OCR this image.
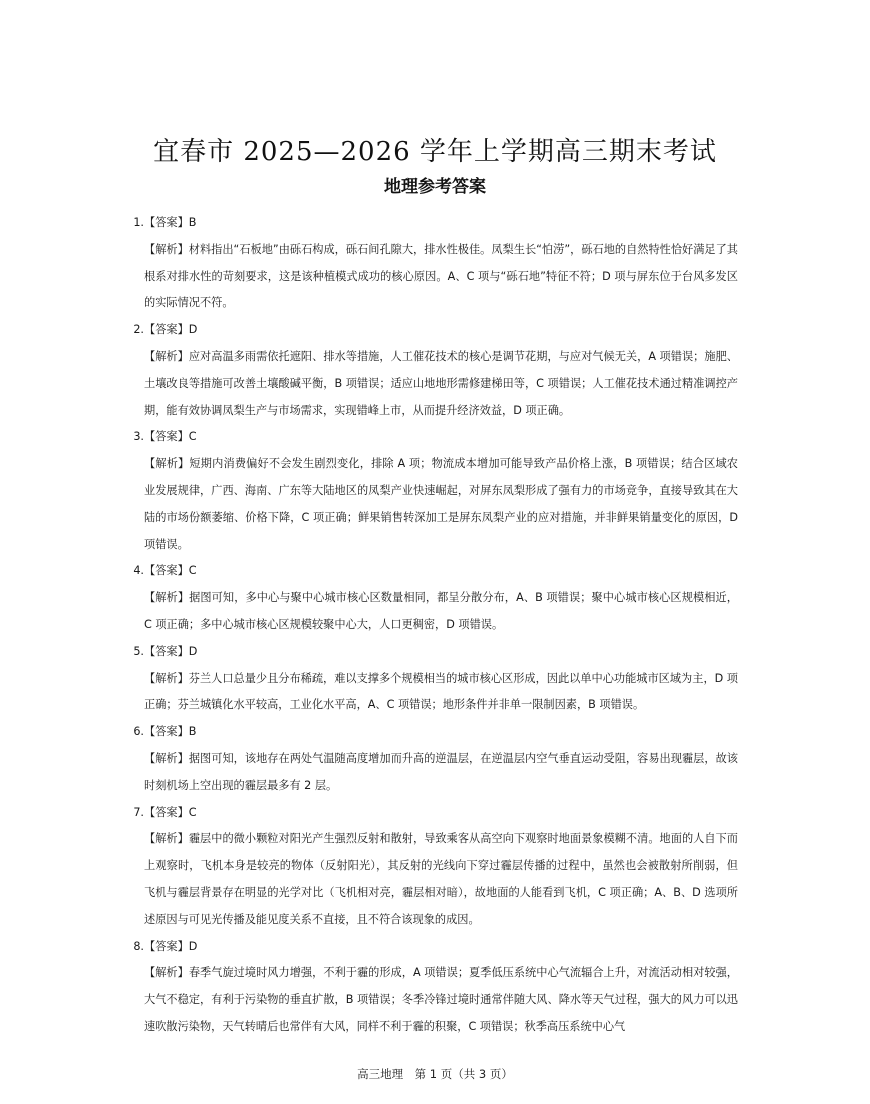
宜春市 2025—2026 学年上学期高三期末考试
地理参考答案
1.【答案】B
【解析】材料指出“石板地”由砾石构成，砾石间孔隙大，排水性极佳。凤梨生长“怕涝”，砾石地的自然特性恰好满足了其根系对排水性的苛刻要求，这是该种植模式成功的核心原因。A、C 项与“砾石地”特征不符；D 项与屏东位于台风多发区的实际情况不符。
2.【答案】D
【解析】应对高温多雨需依托遮阳、排水等措施，人工催花技术的核心是调节花期，与应对气候无关，A 项错误；施肥、土壤改良等措施可改善土壤酸碱平衡，B 项错误；适应山地地形需修建梯田等，C 项错误；人工催花技术通过精准调控产期，能有效协调凤梨生产与市场需求，实现错峰上市，从而提升经济效益，D 项正确。
3.【答案】C
【解析】短期内消费偏好不会发生剧烈变化，排除 A 项；物流成本增加可能导致产品价格上涨，B 项错误；结合区域农业发展规律，广西、海南、广东等大陆地区的凤梨产业快速崛起，对屏东凤梨形成了强有力的市场竞争，直接导致其在大陆的市场份额萎缩、价格下降，C 项正确；鲜果销售转深加工是屏东凤梨产业的应对措施，并非鲜果销量变化的原因，D 项错误。
4.【答案】C
【解析】据图可知，多中心与聚中心城市核心区数量相同，都呈分散分布，A、B 项错误；聚中心城市核心区规模相近，C 项正确；多中心城市核心区规模较聚中心大，人口更稠密，D 项错误。
5.【答案】D
【解析】芬兰人口总量少且分布稀疏，难以支撑多个规模相当的城市核心区形成，因此以单中心功能城市区域为主，D 项正确；芬兰城镇化水平较高，工业化水平高，A、C 项错误；地形条件并非单一限制因素，B 项错误。
6.【答案】B
【解析】据图可知，该地存在两处气温随高度增加而升高的逆温层，在逆温层内空气垂直运动受阻，容易出现霾层，故该时刻机场上空出现的霾层最多有 2 层。
7.【答案】C
【解析】霾层中的微小颗粒对阳光产生强烈反射和散射，导致乘客从高空向下观察时地面景象模糊不清。地面的人自下而上观察时，飞机本身是较亮的物体（反射阳光），其反射的光线向下穿过霾层传播的过程中，虽然也会被散射所削弱，但飞机与霾层背景存在明显的光学对比（飞机相对亮，霾层相对暗），故地面的人能看到飞机，C 项正确；A、B、D 选项所述原因与可见光传播及能见度关系不直接，且不符合该现象的成因。
8.【答案】D
【解析】春季气旋过境时风力增强，不利于霾的形成，A 项错误；夏季低压系统中心气流辐合上升，对流活动相对较强，大气不稳定，有利于污染物的垂直扩散，B 项错误；冬季冷锋过境时通常伴随大风、降水等天气过程，强大的风力可以迅速吹散污染物，天气转晴后也常伴有大风，同样不利于霾的积聚，C 项错误；秋季高压系统中心气
高三地理　第 1 页（共 3 页）
